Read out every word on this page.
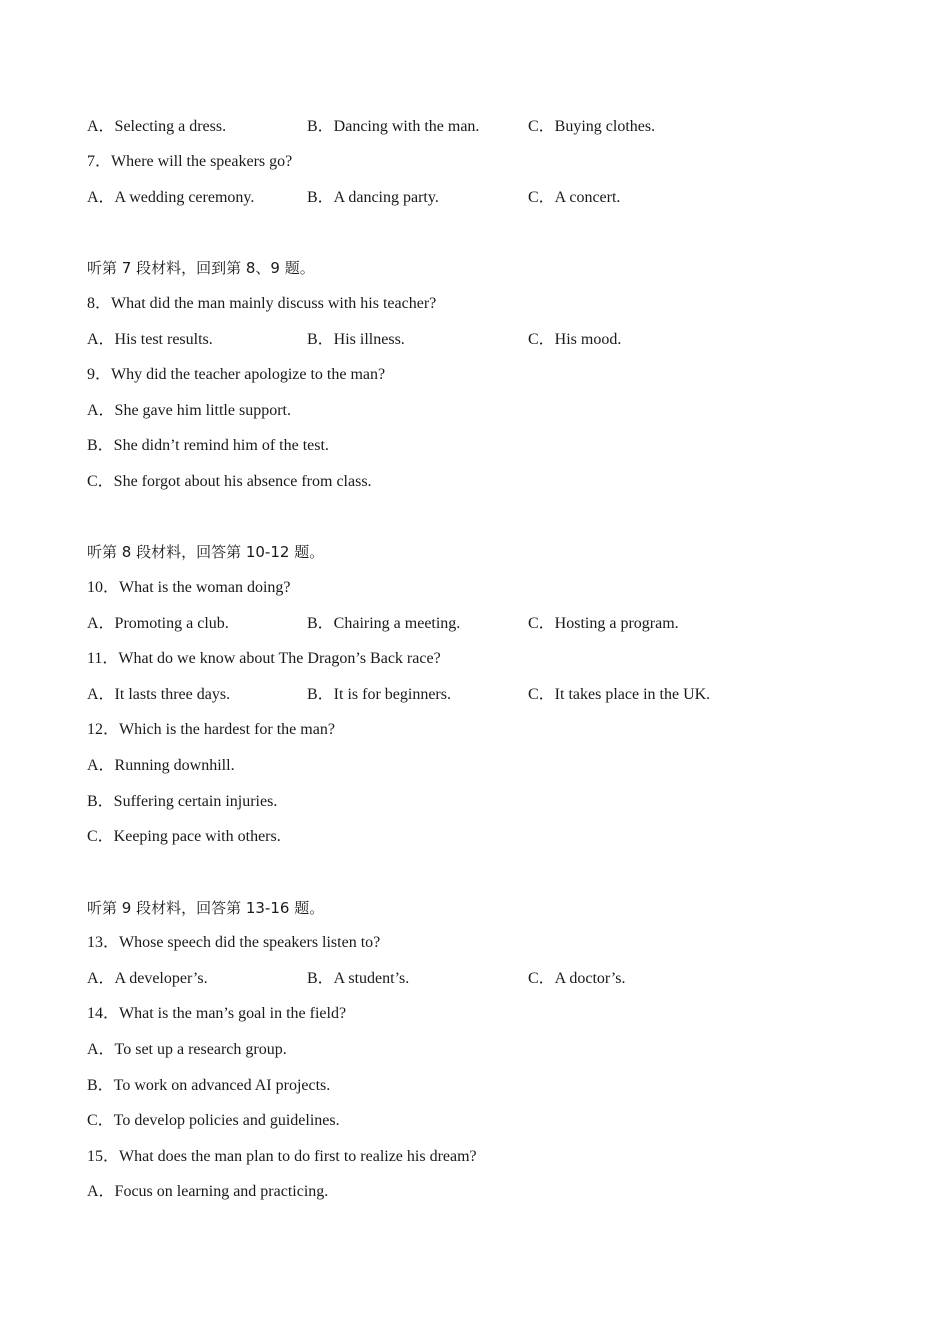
A．Selecting a dress.	B．Dancing with the man.	C．Buying clothes.
7．Where will the speakers go?
A．A wedding ceremony.	B．A dancing party.	C．A concert.
听第 7 段材料，回到第 8、9 题。
8．What did the man mainly discuss with his teacher?
A．His test results.	B．His illness.	C．His mood.
9．Why did the teacher apologize to the man?
A．She gave him little support.
B．She didn’t remind him of the test.
C．She forgot about his absence from class.
听第 8 段材料，回答第 10-12 题。
10．What is the woman doing?
A．Promoting a club.	B．Chairing a meeting.	C．Hosting a program.
11．What do we know about The Dragon’s Back race?
A．It lasts three days.	B．It is for beginners.	C．It takes place in the UK.
12．Which is the hardest for the man?
A．Running downhill.
B．Suffering certain injuries.
C．Keeping pace with others.
听第 9 段材料，回答第 13-16 题。
13．Whose speech did the speakers listen to?
A．A developer’s.	B．A student’s.	C．A doctor’s.
14．What is the man’s goal in the field?
A．To set up a research group.
B．To work on advanced AI projects.
C．To develop policies and guidelines.
15．What does the man plan to do first to realize his dream?
A．Focus on learning and practicing.
